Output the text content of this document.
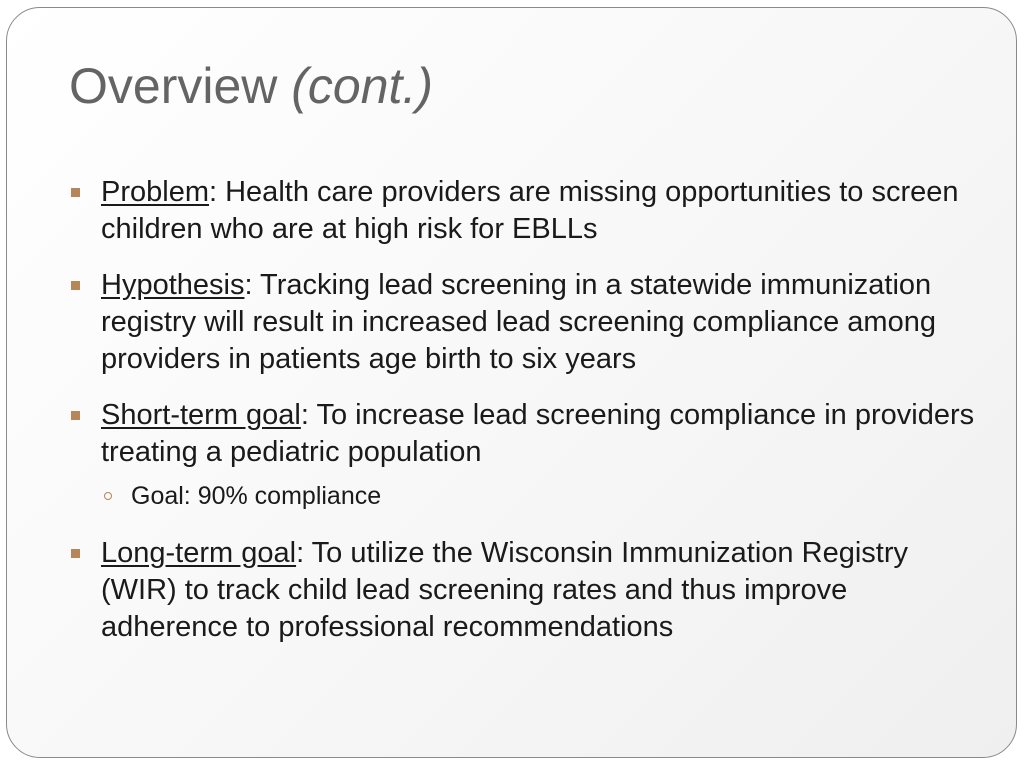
Overview (cont.)
Problem: Health care providers are missing opportunities to screen children who are at high risk for EBLLs
Hypothesis: Tracking lead screening in a statewide immunization registry will result in increased lead screening compliance among providers in patients age birth to six years
Short-term goal: To increase lead screening compliance in providers treating a pediatric population
Goal: 90% compliance
Long-term goal: To utilize the Wisconsin Immunization Registry (WIR) to track child lead screening rates and thus improve adherence to professional recommendations
